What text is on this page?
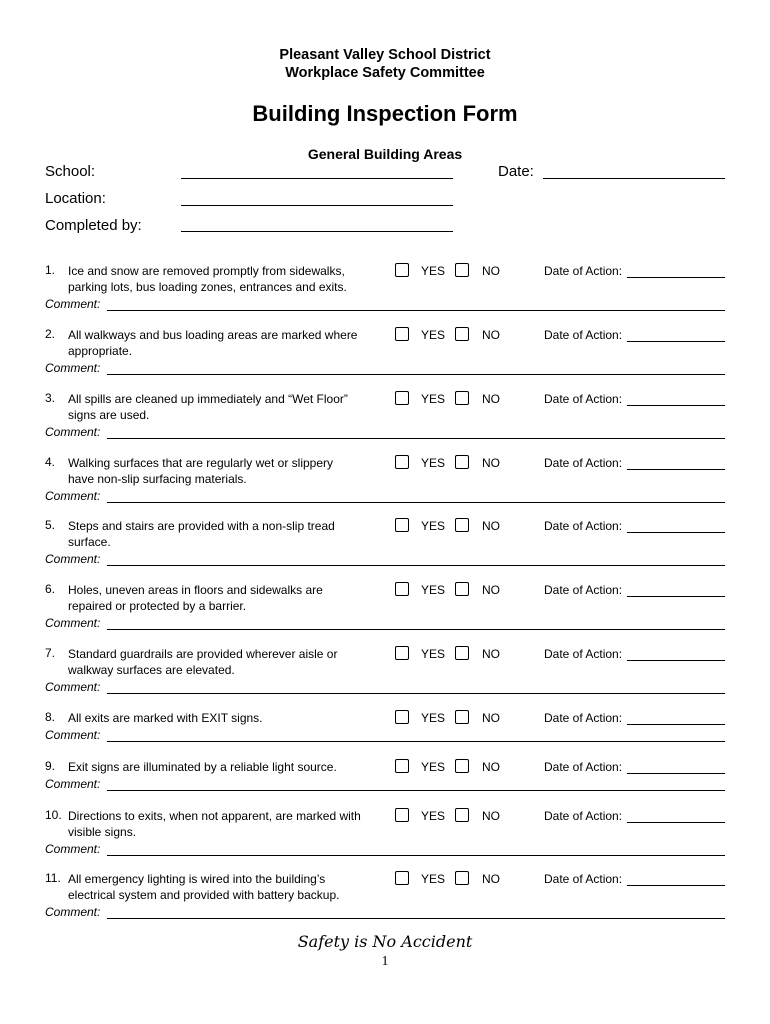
Pleasant Valley School District
Workplace Safety Committee
Building Inspection Form
General Building Areas
School:	Date:
Location:
Completed by:
1. Ice and snow are removed promptly from sidewalks,
parking lots, bus loading zones, entrances and exits.
YES	NO	Date of Action:
Comment:
2. All walkways and bus loading areas are marked where
appropriate.
YES	NO	Date of Action:
Comment:
3. All spills are cleaned up immediately and “Wet Floor”
signs are used.
YES	NO	Date of Action:
Comment:
4. Walking surfaces that are regularly wet or slippery
have non-slip surfacing materials.
YES	NO	Date of Action:
Comment:
5. Steps and stairs are provided with a non-slip tread
surface.
YES	NO	Date of Action:
Comment:
6. Holes, uneven areas in floors and sidewalks are
repaired or protected by a barrier.
YES	NO	Date of Action:
Comment:
7. Standard guardrails are provided wherever aisle or
walkway surfaces are elevated.
YES	NO	Date of Action:
Comment:
8. All exits are marked with EXIT signs.	YES	NO	Date of Action:
Comment:
9. Exit signs are illuminated by a reliable light source.	YES	NO	Date of Action:
Comment:
10. Directions to exits, when not apparent, are marked with
visible signs.
YES	NO	Date of Action:
Comment:
11. All emergency lighting is wired into the building’s
electrical system and provided with battery backup.
YES	NO	Date of Action:
Comment:
Safety is No Accident
1
